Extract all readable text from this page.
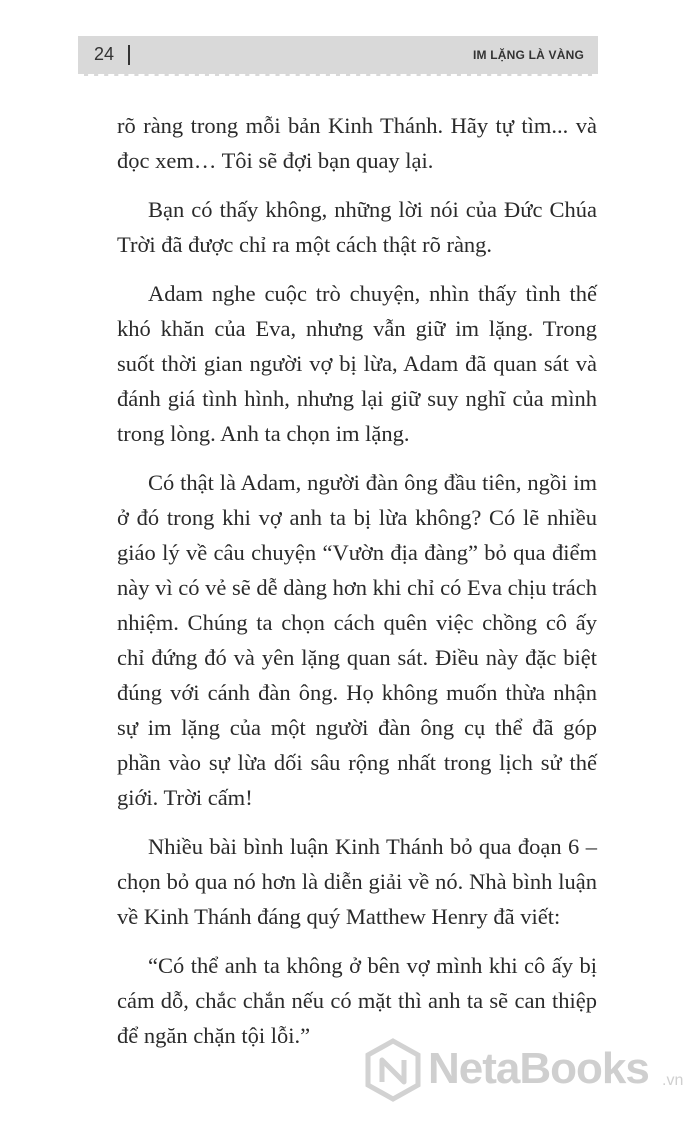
24	IM LẶNG LÀ VÀNG

rõ ràng trong mỗi bản Kinh Thánh. Hãy tự tìm... và đọc xem… Tôi sẽ đợi bạn quay lại.

Bạn có thấy không, những lời nói của Đức Chúa Trời đã được chỉ ra một cách thật rõ ràng.

Adam nghe cuộc trò chuyện, nhìn thấy tình thế khó khăn của Eva, nhưng vẫn giữ im lặng. Trong suốt thời gian người vợ bị lừa, Adam đã quan sát và đánh giá tình hình, nhưng lại giữ suy nghĩ của mình trong lòng. Anh ta chọn im lặng.

Có thật là Adam, người đàn ông đầu tiên, ngồi im ở đó trong khi vợ anh ta bị lừa không? Có lẽ nhiều giáo lý về câu chuyện “Vườn địa đàng” bỏ qua điểm này vì có vẻ sẽ dễ dàng hơn khi chỉ có Eva chịu trách nhiệm. Chúng ta chọn cách quên việc chồng cô ấy chỉ đứng đó và yên lặng quan sát. Điều này đặc biệt đúng với cánh đàn ông. Họ không muốn thừa nhận sự im lặng của một người đàn ông cụ thể đã góp phần vào sự lừa dối sâu rộng nhất trong lịch sử thế giới. Trời cấm!

Nhiều bài bình luận Kinh Thánh bỏ qua đoạn 6 – chọn bỏ qua nó hơn là diễn giải về nó. Nhà bình luận về Kinh Thánh đáng quý Matthew Henry đã viết:

“Có thể anh ta không ở bên vợ mình khi cô ấy bị cám dỗ, chắc chắn nếu có mặt thì anh ta sẽ can thiệp để ngăn chặn tội lỗi.”

NetaBooks .vn
